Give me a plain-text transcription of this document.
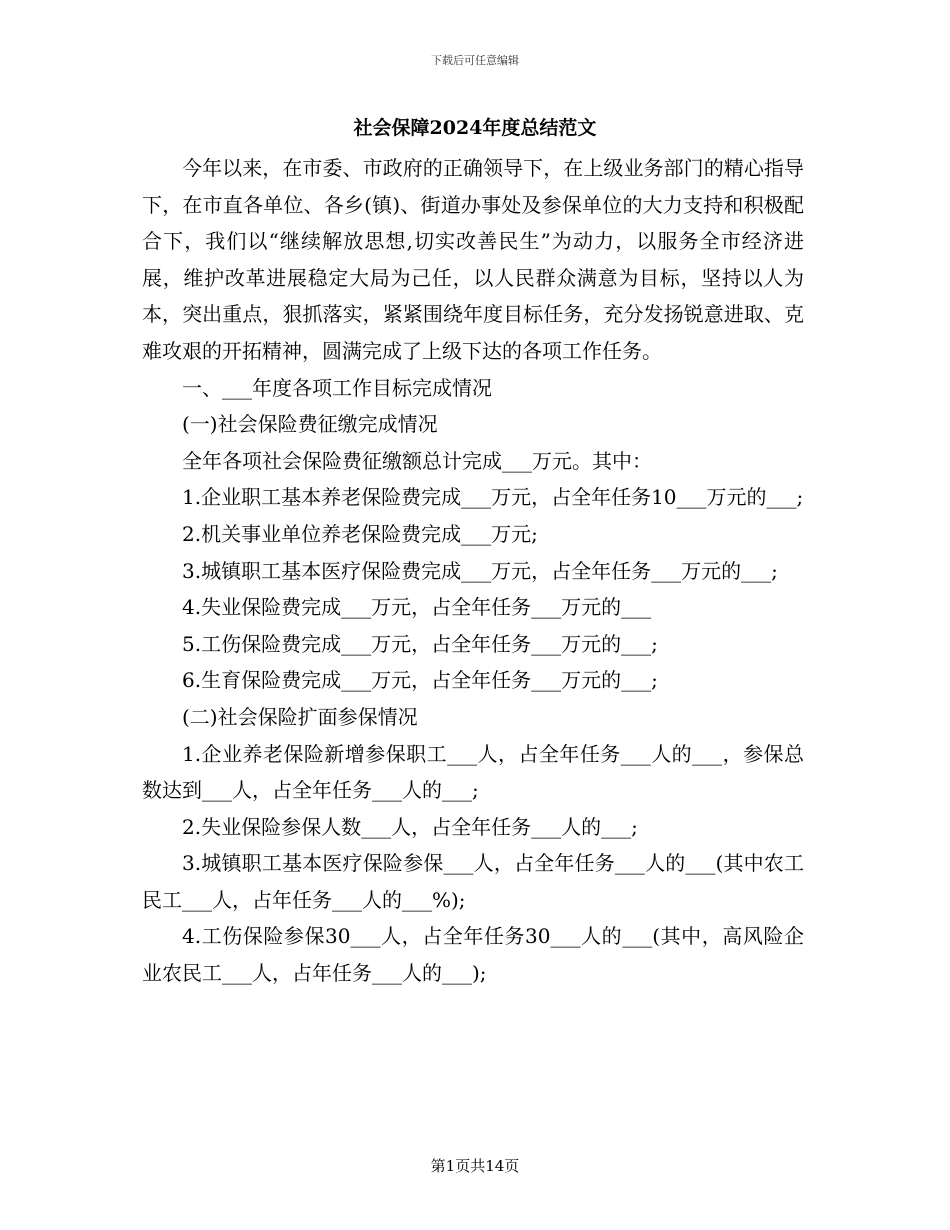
下载后可任意编辑
社会保障2024年度总结范文

今年以来，在市委、市政府的正确领导下，在上级业务部门的精心指导下，在市直各单位、各乡(镇)、街道办事处及参保单位的大力支持和积极配合下，我们以“继续解放思想,切实改善民生”为动力，以服务全市经济进展，维护改革进展稳定大局为己任，以人民群众满意为目标，坚持以人为本，突出重点，狠抓落实，紧紧围绕年度目标任务，充分发扬锐意进取、克难攻艰的开拓精神，圆满完成了上级下达的各项工作任务。

一、___年度各项工作目标完成情况

(一)社会保险费征缴完成情况

全年各项社会保险费征缴额总计完成___万元。其中：

1.企业职工基本养老保险费完成___万元，占全年任务10___万元的___;

2.机关事业单位养老保险费完成___万元;

3.城镇职工基本医疗保险费完成___万元，占全年任务___万元的___;

4.失业保险费完成___万元，占全年任务___万元的___

5.工伤保险费完成___万元，占全年任务___万元的___;

6.生育保险费完成___万元，占全年任务___万元的___;

(二)社会保险扩面参保情况

1.企业养老保险新增参保职工___人，占全年任务___人的___，参保总数达到___人，占全年任务___人的___;

2.失业保险参保人数___人，占全年任务___人的___;

3.城镇职工基本医疗保险参保___人，占全年任务___人的___(其中农工民工___人，占年任务___人的___%);

4.工伤保险参保30___人，占全年任务30___人的___(其中，高风险企业农民工___人，占年任务___人的___);

第1页共14页
